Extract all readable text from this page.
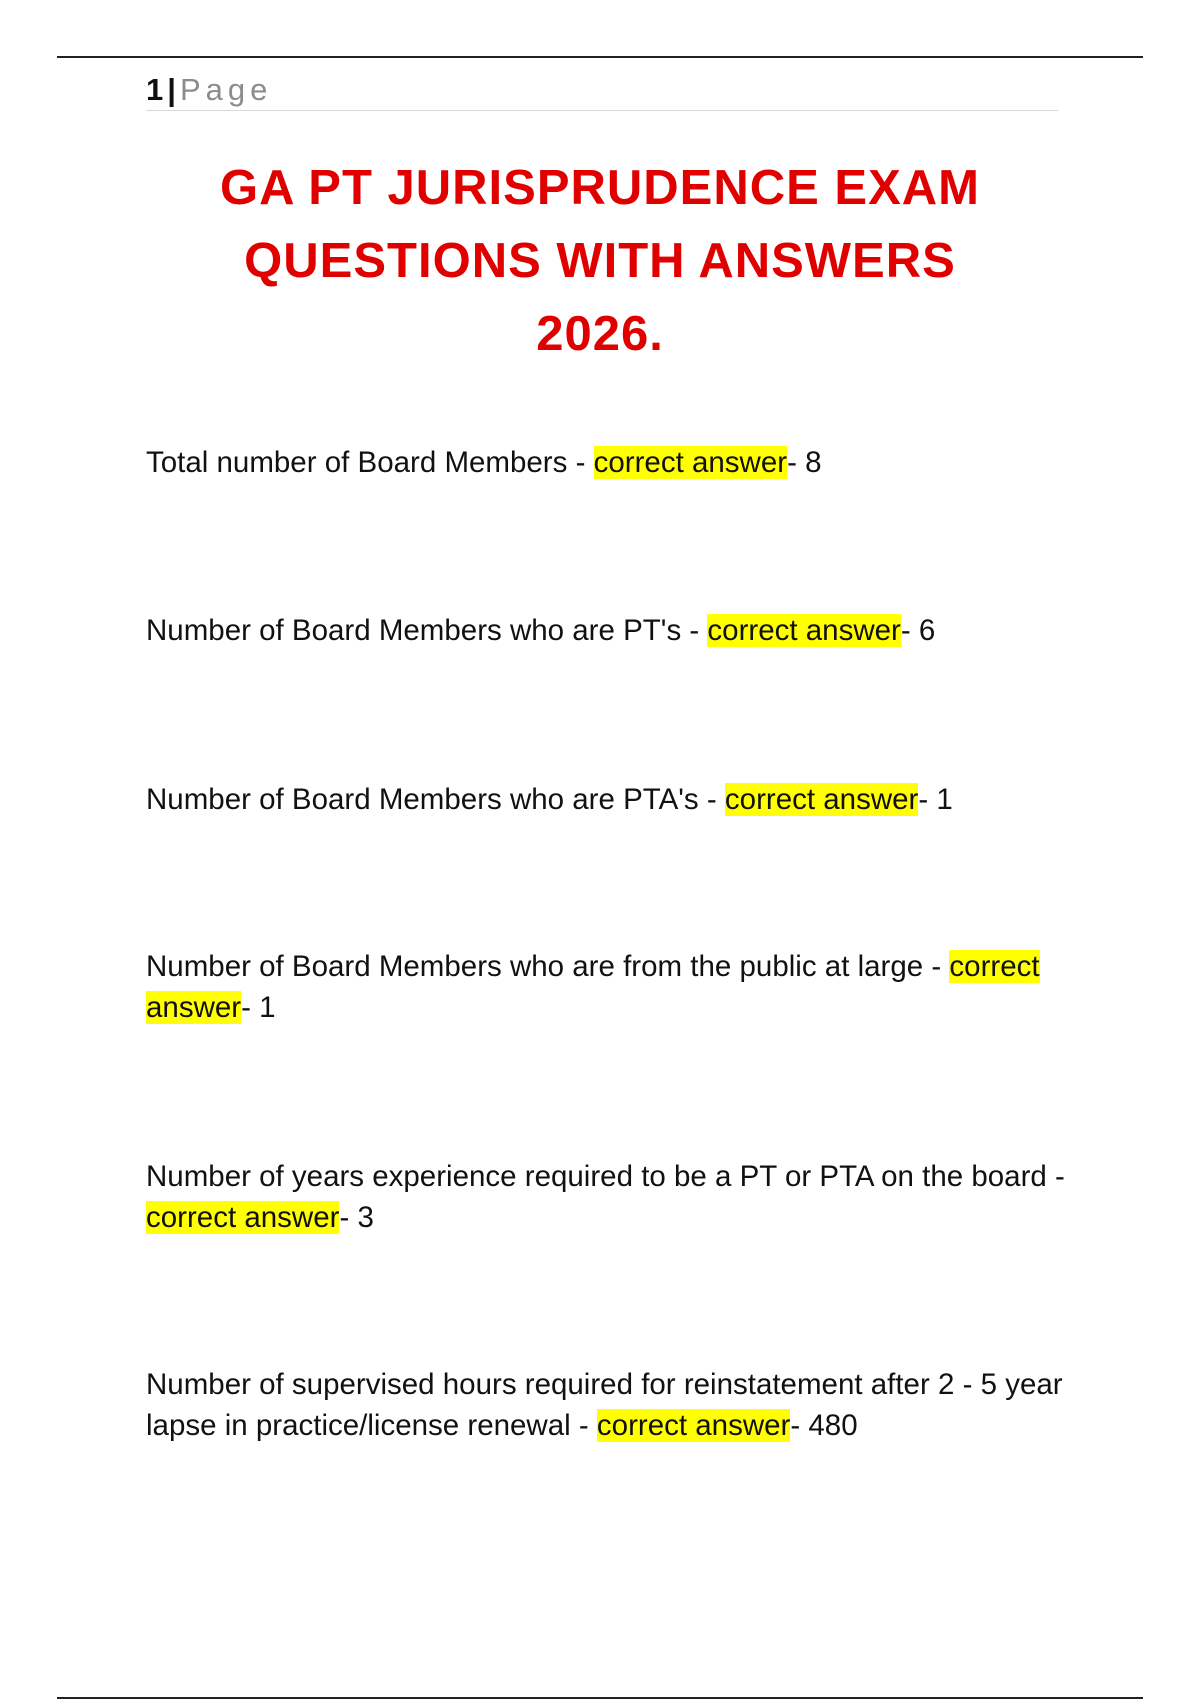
1 | Page
GA PT JURISPRUDENCE EXAM
QUESTIONS WITH ANSWERS
2026.

Total number of Board Members - correct answer- 8

Number of Board Members who are PT's - correct answer- 6

Number of Board Members who are PTA's - correct answer- 1

Number of Board Members who are from the public at large - correct answer- 1

Number of years experience required to be a PT or PTA on the board - correct answer- 3

Number of supervised hours required for reinstatement after 2 - 5 year lapse in practice/license renewal - correct answer- 480
